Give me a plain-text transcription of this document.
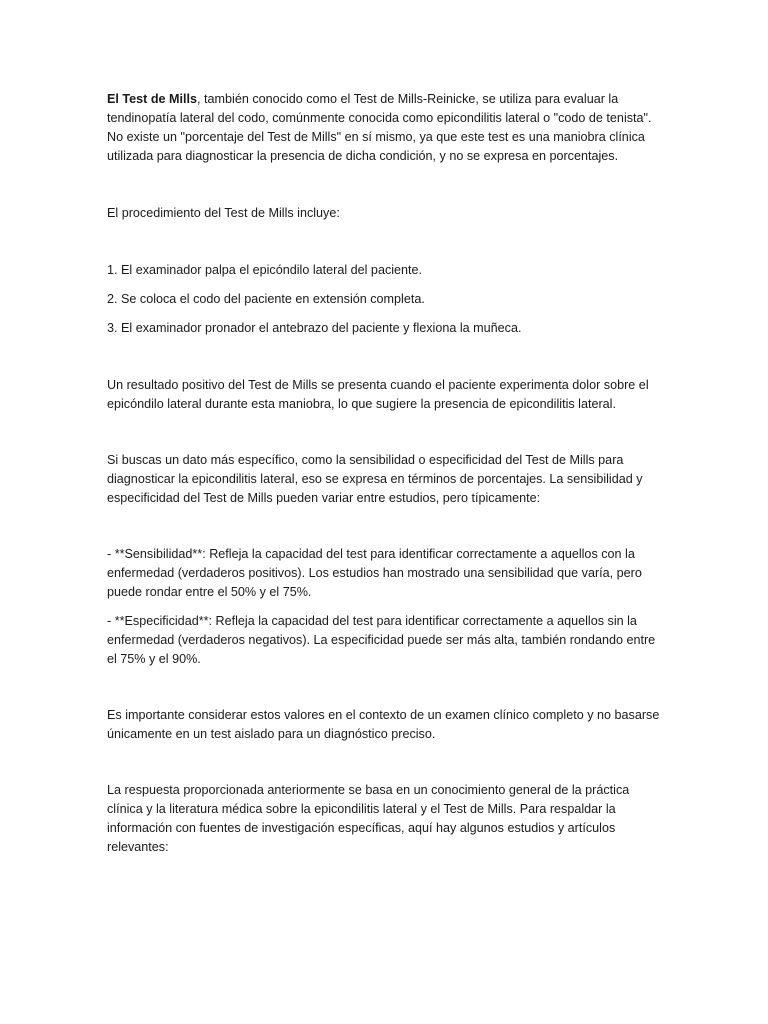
El Test de Mills, también conocido como el Test de Mills-Reinicke, se utiliza para evaluar la tendinopatía lateral del codo, comúnmente conocida como epicondilitis lateral o "codo de tenista". No existe un "porcentaje del Test de Mills" en sí mismo, ya que este test es una maniobra clínica utilizada para diagnosticar la presencia de dicha condición, y no se expresa en porcentajes.

El procedimiento del Test de Mills incluye:

1. El examinador palpa el epicóndilo lateral del paciente.

2. Se coloca el codo del paciente en extensión completa.

3. El examinador pronador el antebrazo del paciente y flexiona la muñeca.

Un resultado positivo del Test de Mills se presenta cuando el paciente experimenta dolor sobre el epicóndilo lateral durante esta maniobra, lo que sugiere la presencia de epicondilitis lateral.

Si buscas un dato más específico, como la sensibilidad o especificidad del Test de Mills para diagnosticar la epicondilitis lateral, eso se expresa en términos de porcentajes. La sensibilidad y especificidad del Test de Mills pueden variar entre estudios, pero típicamente:

- **Sensibilidad**: Refleja la capacidad del test para identificar correctamente a aquellos con la enfermedad (verdaderos positivos). Los estudios han mostrado una sensibilidad que varía, pero puede rondar entre el 50% y el 75%.

- **Especificidad**: Refleja la capacidad del test para identificar correctamente a aquellos sin la enfermedad (verdaderos negativos). La especificidad puede ser más alta, también rondando entre el 75% y el 90%.

Es importante considerar estos valores en el contexto de un examen clínico completo y no basarse únicamente en un test aislado para un diagnóstico preciso.

La respuesta proporcionada anteriormente se basa en un conocimiento general de la práctica clínica y la literatura médica sobre la epicondilitis lateral y el Test de Mills. Para respaldar la información con fuentes de investigación específicas, aquí hay algunos estudios y artículos relevantes:
